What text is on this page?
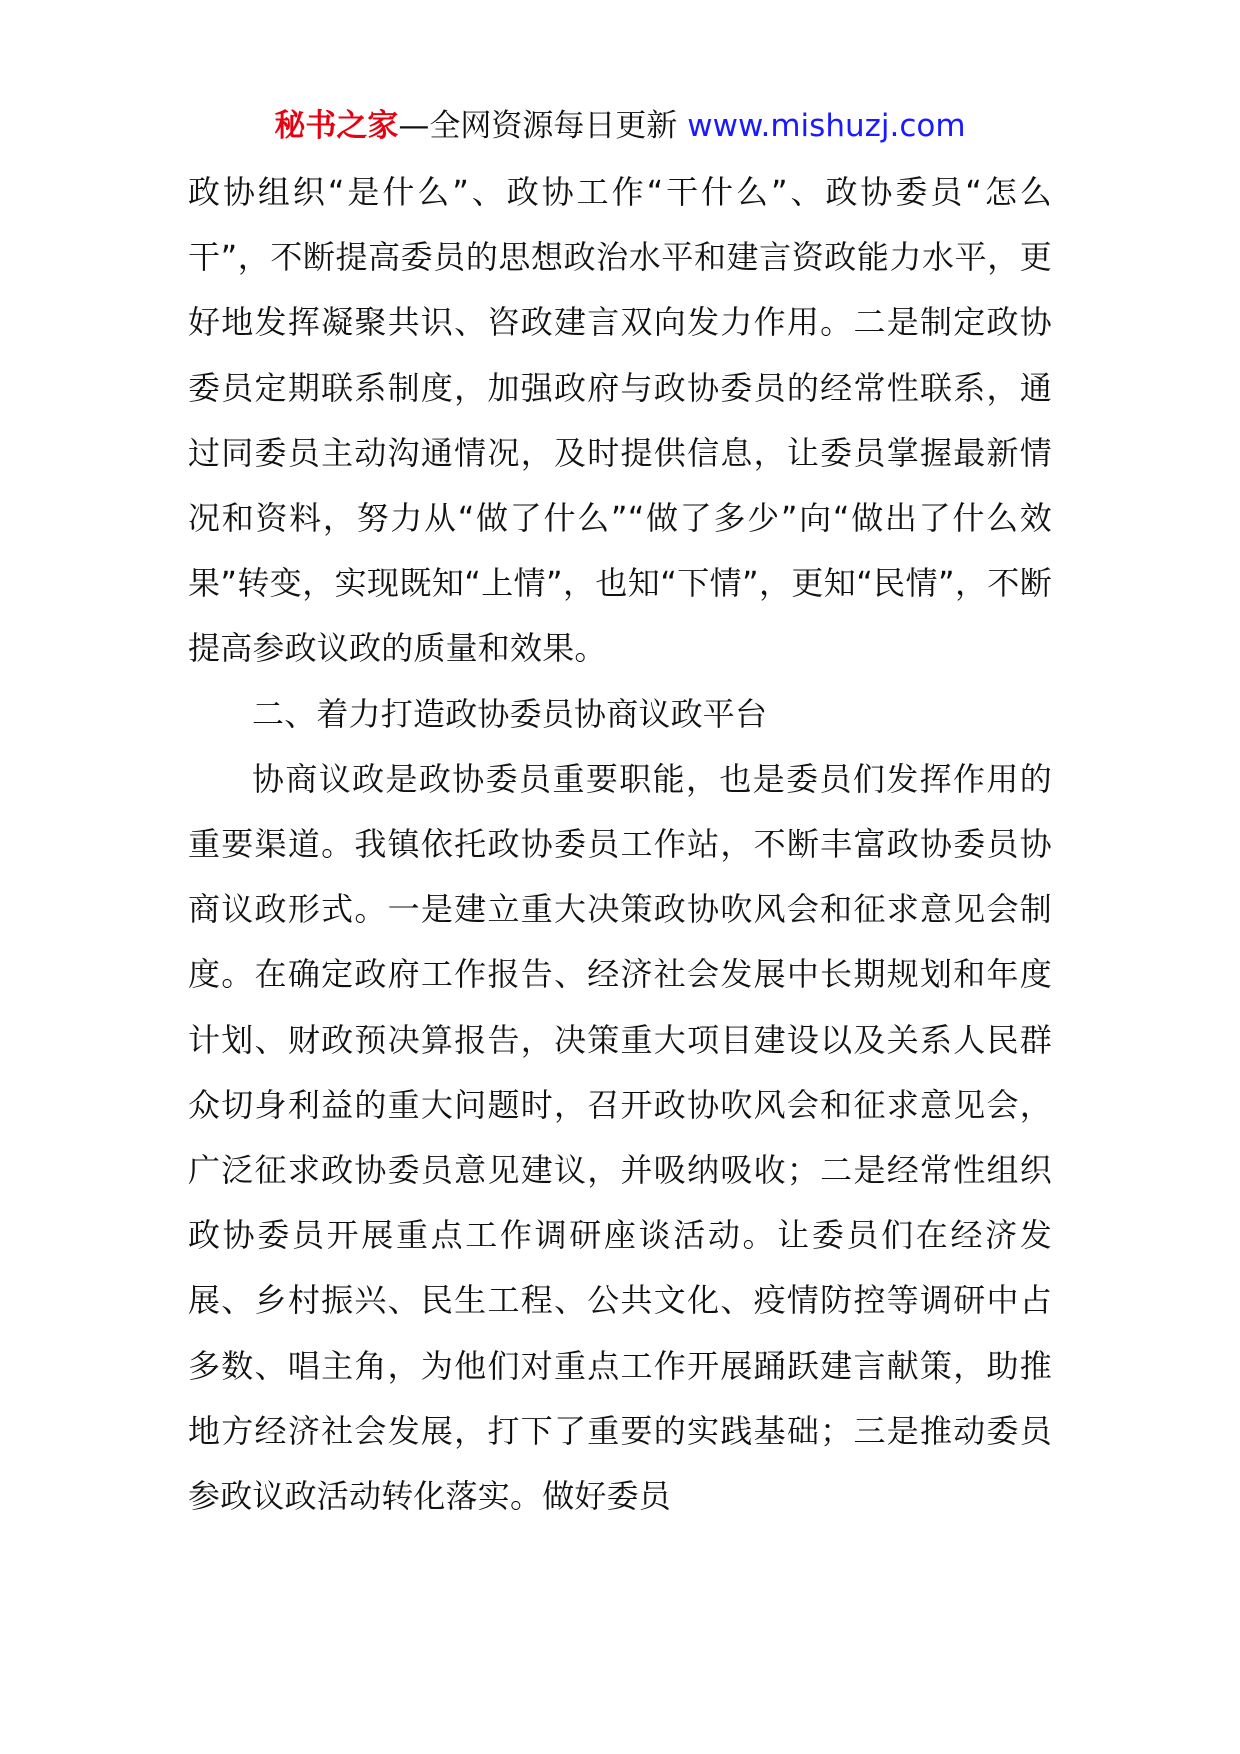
秘书之家—全网资源每日更新 www.mishuzj.com

政协组织“是什么”、政协工作“干什么”、政协委员“怎么干”，不断提高委员的思想政治水平和建言资政能力水平，更好地发挥凝聚共识、咨政建言双向发力作用。二是制定政协委员定期联系制度，加强政府与政协委员的经常性联系，通过同委员主动沟通情况，及时提供信息，让委员掌握最新情况和资料，努力从“做了什么”“做了多少”向“做出了什么效果”转变，实现既知“上情”，也知“下情”，更知“民情”，不断提高参政议政的质量和效果。

二、着力打造政协委员协商议政平台

协商议政是政协委员重要职能，也是委员们发挥作用的重要渠道。我镇依托政协委员工作站，不断丰富政协委员协商议政形式。一是建立重大决策政协吹风会和征求意见会制度。在确定政府工作报告、经济社会发展中长期规划和年度计划、财政预决算报告，决策重大项目建设以及关系人民群众切身利益的重大问题时，召开政协吹风会和征求意见会，广泛征求政协委员意见建议，并吸纳吸收；二是经常性组织政协委员开展重点工作调研座谈活动。让委员们在经济发展、乡村振兴、民生工程、公共文化、疫情防控等调研中占多数、唱主角，为他们对重点工作开展踊跃建言献策，助推地方经济社会发展，打下了重要的实践基础；三是推动委员参政议政活动转化落实。做好委员
